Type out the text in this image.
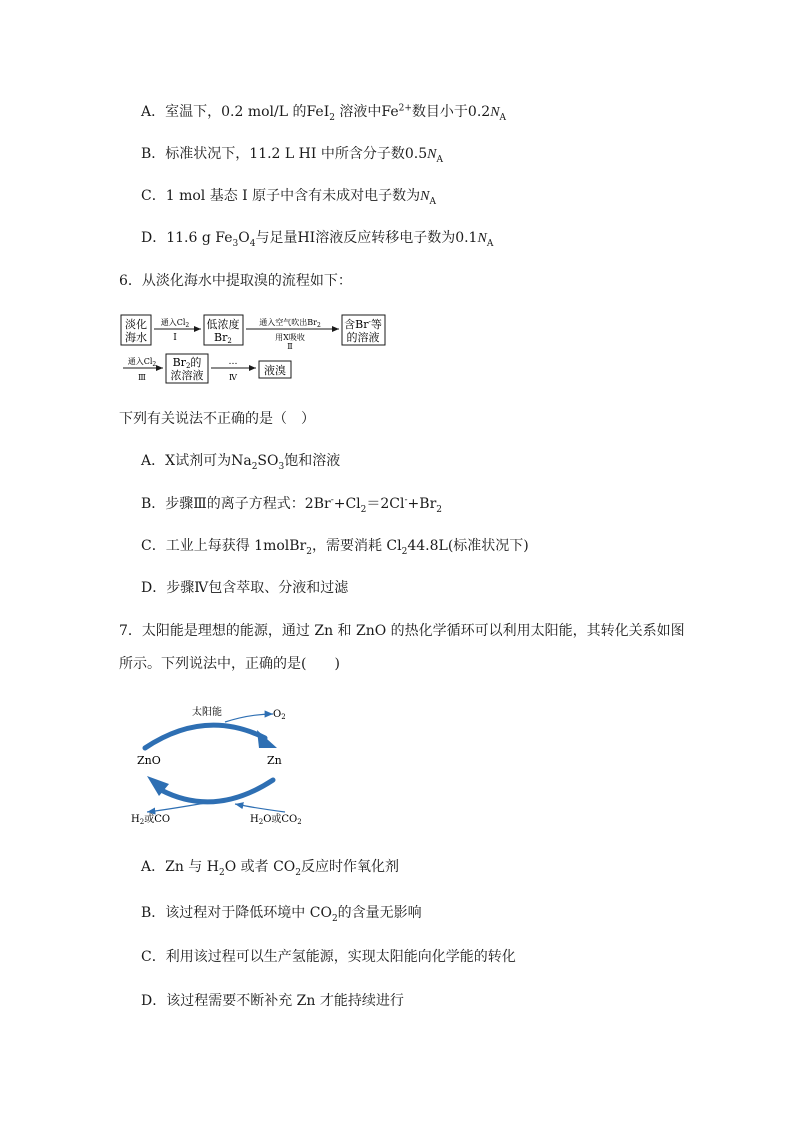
A．室温下，0.2 mol/L 的FeI$_2$ 溶液中$Fe^{2+}$数目小于$0.2N_A$
B．标准状况下，11.2 L HI 中所含分子数$0.5N_A$
C．1 mol 基态 I 原子中含有未成对电子数为$N_A$
D．11.6 g $Fe_3O_4$与足量HI溶液反应转移电子数为$0.1N_A$
6．从淡化海水中提取溴的流程如下：
淡化
海水
通入$Cl_2$
I
低浓度
Br2
通入空气吹出$Br_2$
用X吸收
Ⅱ
含Br-等
的溶液
通入$Cl_2$
Ⅲ
Br2的
浓溶液
…
Ⅳ
液溴
下列有关说法不正确的是（　）
A．X试剂可为$Na_2SO_3$饱和溶液
B．步骤Ⅲ的离子方程式：$2Br^-+Cl_2=2Cl^-+Br_2$
C．工业上每获得 1molBr$_2$，需要消耗 $Cl_244.8L$(标准状况下)
D．步骤Ⅳ包含萃取、分液和过滤
7．太阳能是理想的能源，通过 Zn 和 ZnO 的热化学循环可以利用太阳能，其转化关系如图
所示。下列说法中，正确的是(　　)
太阳能	$O_2$
ZnO	Zn
$H_2$或CO	$H_2O$或$CO_2$
A．Zn 与 $H_2O$ 或者 $CO_2$反应时作氧化剂
B．该过程对于降低环境中 $CO_2$的含量无影响
C．利用该过程可以生产氢能源，实现太阳能向化学能的转化
D．该过程需要不断补充 Zn 才能持续进行
